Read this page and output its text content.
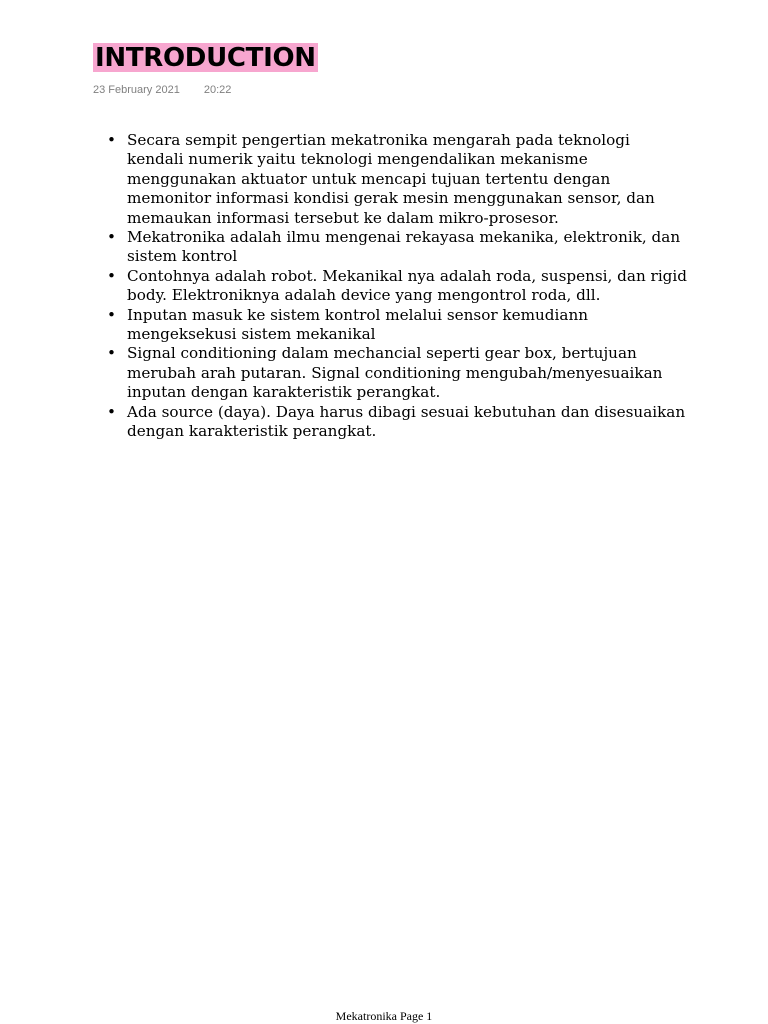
INTRODUCTION
23 February 2021 20:22
• Secara sempit pengertian mekatronika mengarah pada teknologi kendali numerik yaitu teknologi mengendalikan mekanisme menggunakan aktuator untuk mencapi tujuan tertentu dengan memonitor informasi kondisi gerak mesin menggunakan sensor, dan memaukan informasi tersebut ke dalam mikro-prosesor.
• Mekatronika adalah ilmu mengenai rekayasa mekanika, elektronik, dan sistem kontrol
• Contohnya adalah robot. Mekanikal nya adalah roda, suspensi, dan rigid body. Elektroniknya adalah device yang mengontrol roda, dll.
• Inputan masuk ke sistem kontrol melalui sensor kemudiann mengeksekusi sistem mekanikal
• Signal conditioning dalam mechancial seperti gear box, bertujuan merubah arah putaran. Signal conditioning mengubah/menyesuaikan inputan dengan karakteristik perangkat.
• Ada source (daya). Daya harus dibagi sesuai kebutuhan dan disesuaikan dengan karakteristik perangkat.
Mekatronika Page 1
